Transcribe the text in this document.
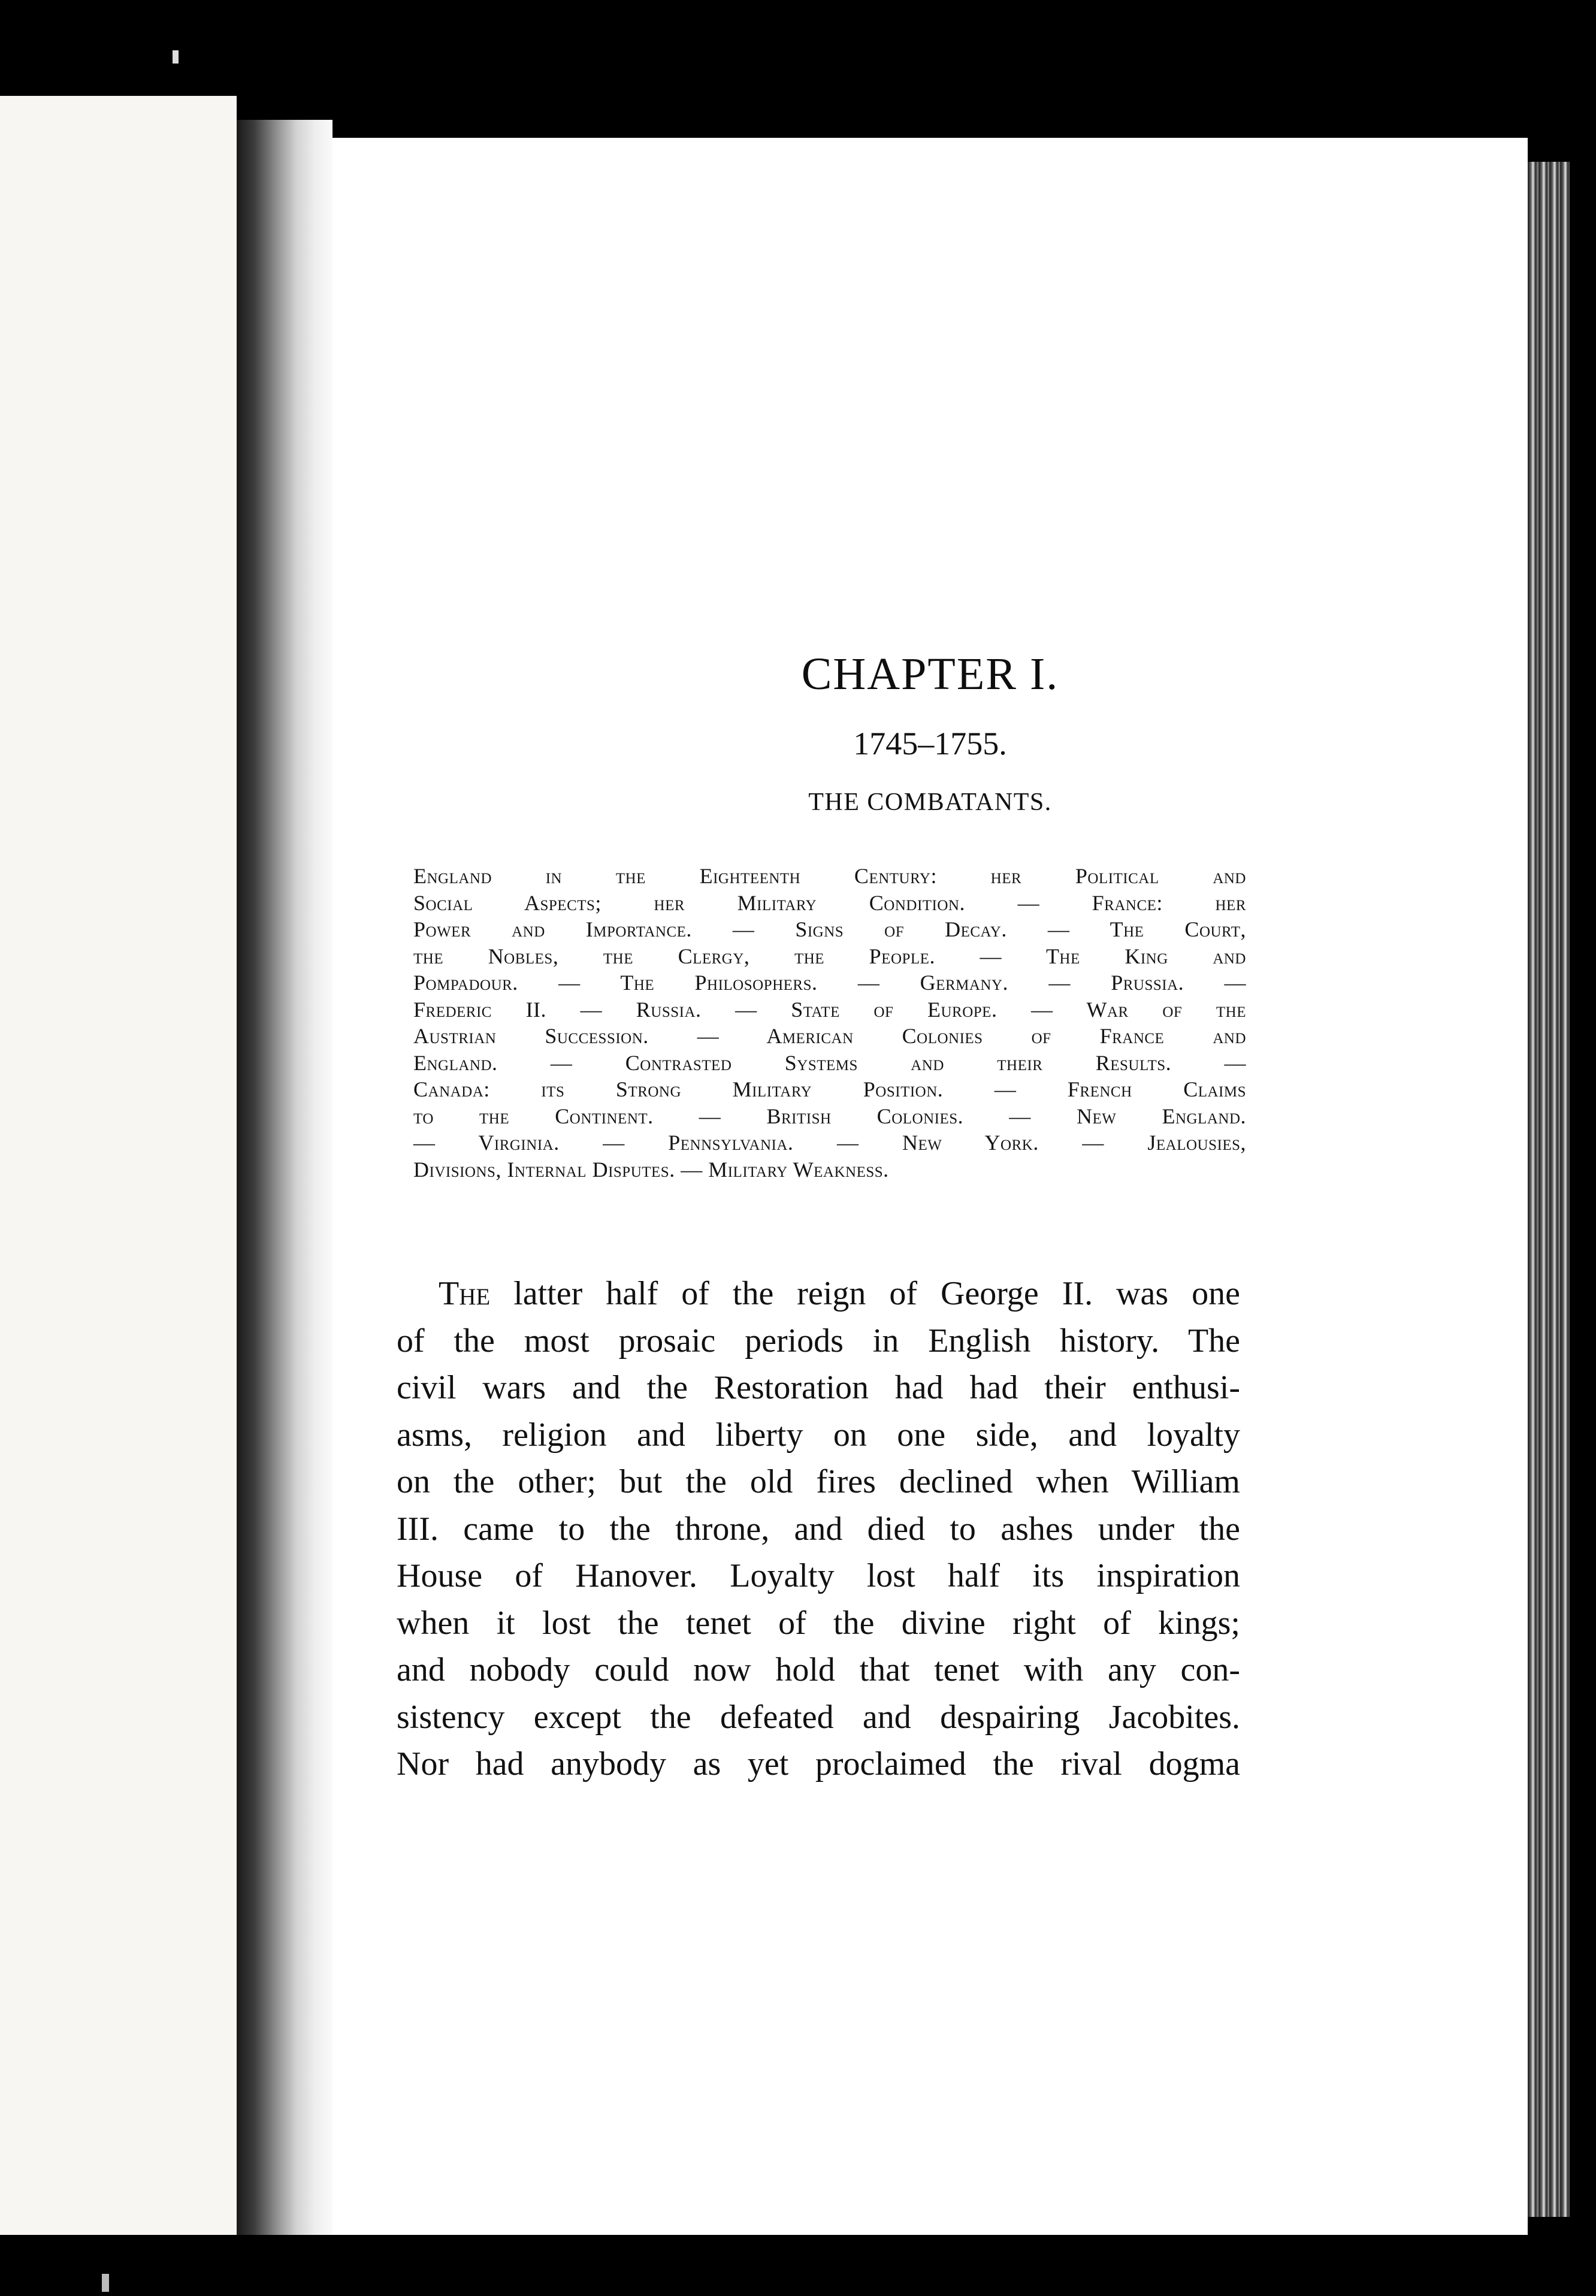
CHAPTER I.
1745–1755.
THE COMBATANTS.
England in the Eighteenth Century: her Political and
Social Aspects; her Military Condition. — France: her
Power and Importance. — Signs of Decay. — The Court,
the Nobles, the Clergy, the People. — The King and
Pompadour. — The Philosophers. — Germany. — Prussia. —
Frederic II. — Russia. — State of Europe. — War of the
Austrian Succession. — American Colonies of France and
England. — Contrasted Systems and their Results. —
Canada: its Strong Military Position. — French Claims
to the Continent. — British Colonies. — New England.
— Virginia. — Pennsylvania. — New York. — Jealousies,
Divisions, Internal Disputes. — Military Weakness.
The latter half of the reign of George II. was one
of the most prosaic periods in English history. The
civil wars and the Restoration had had their enthusi-
asms, religion and liberty on one side, and loyalty
on the other; but the old fires declined when William
III. came to the throne, and died to ashes under the
House of Hanover. Loyalty lost half its inspiration
when it lost the tenet of the divine right of kings;
and nobody could now hold that tenet with any con-
sistency except the defeated and despairing Jacobites.
Nor had anybody as yet proclaimed the rival dogma
